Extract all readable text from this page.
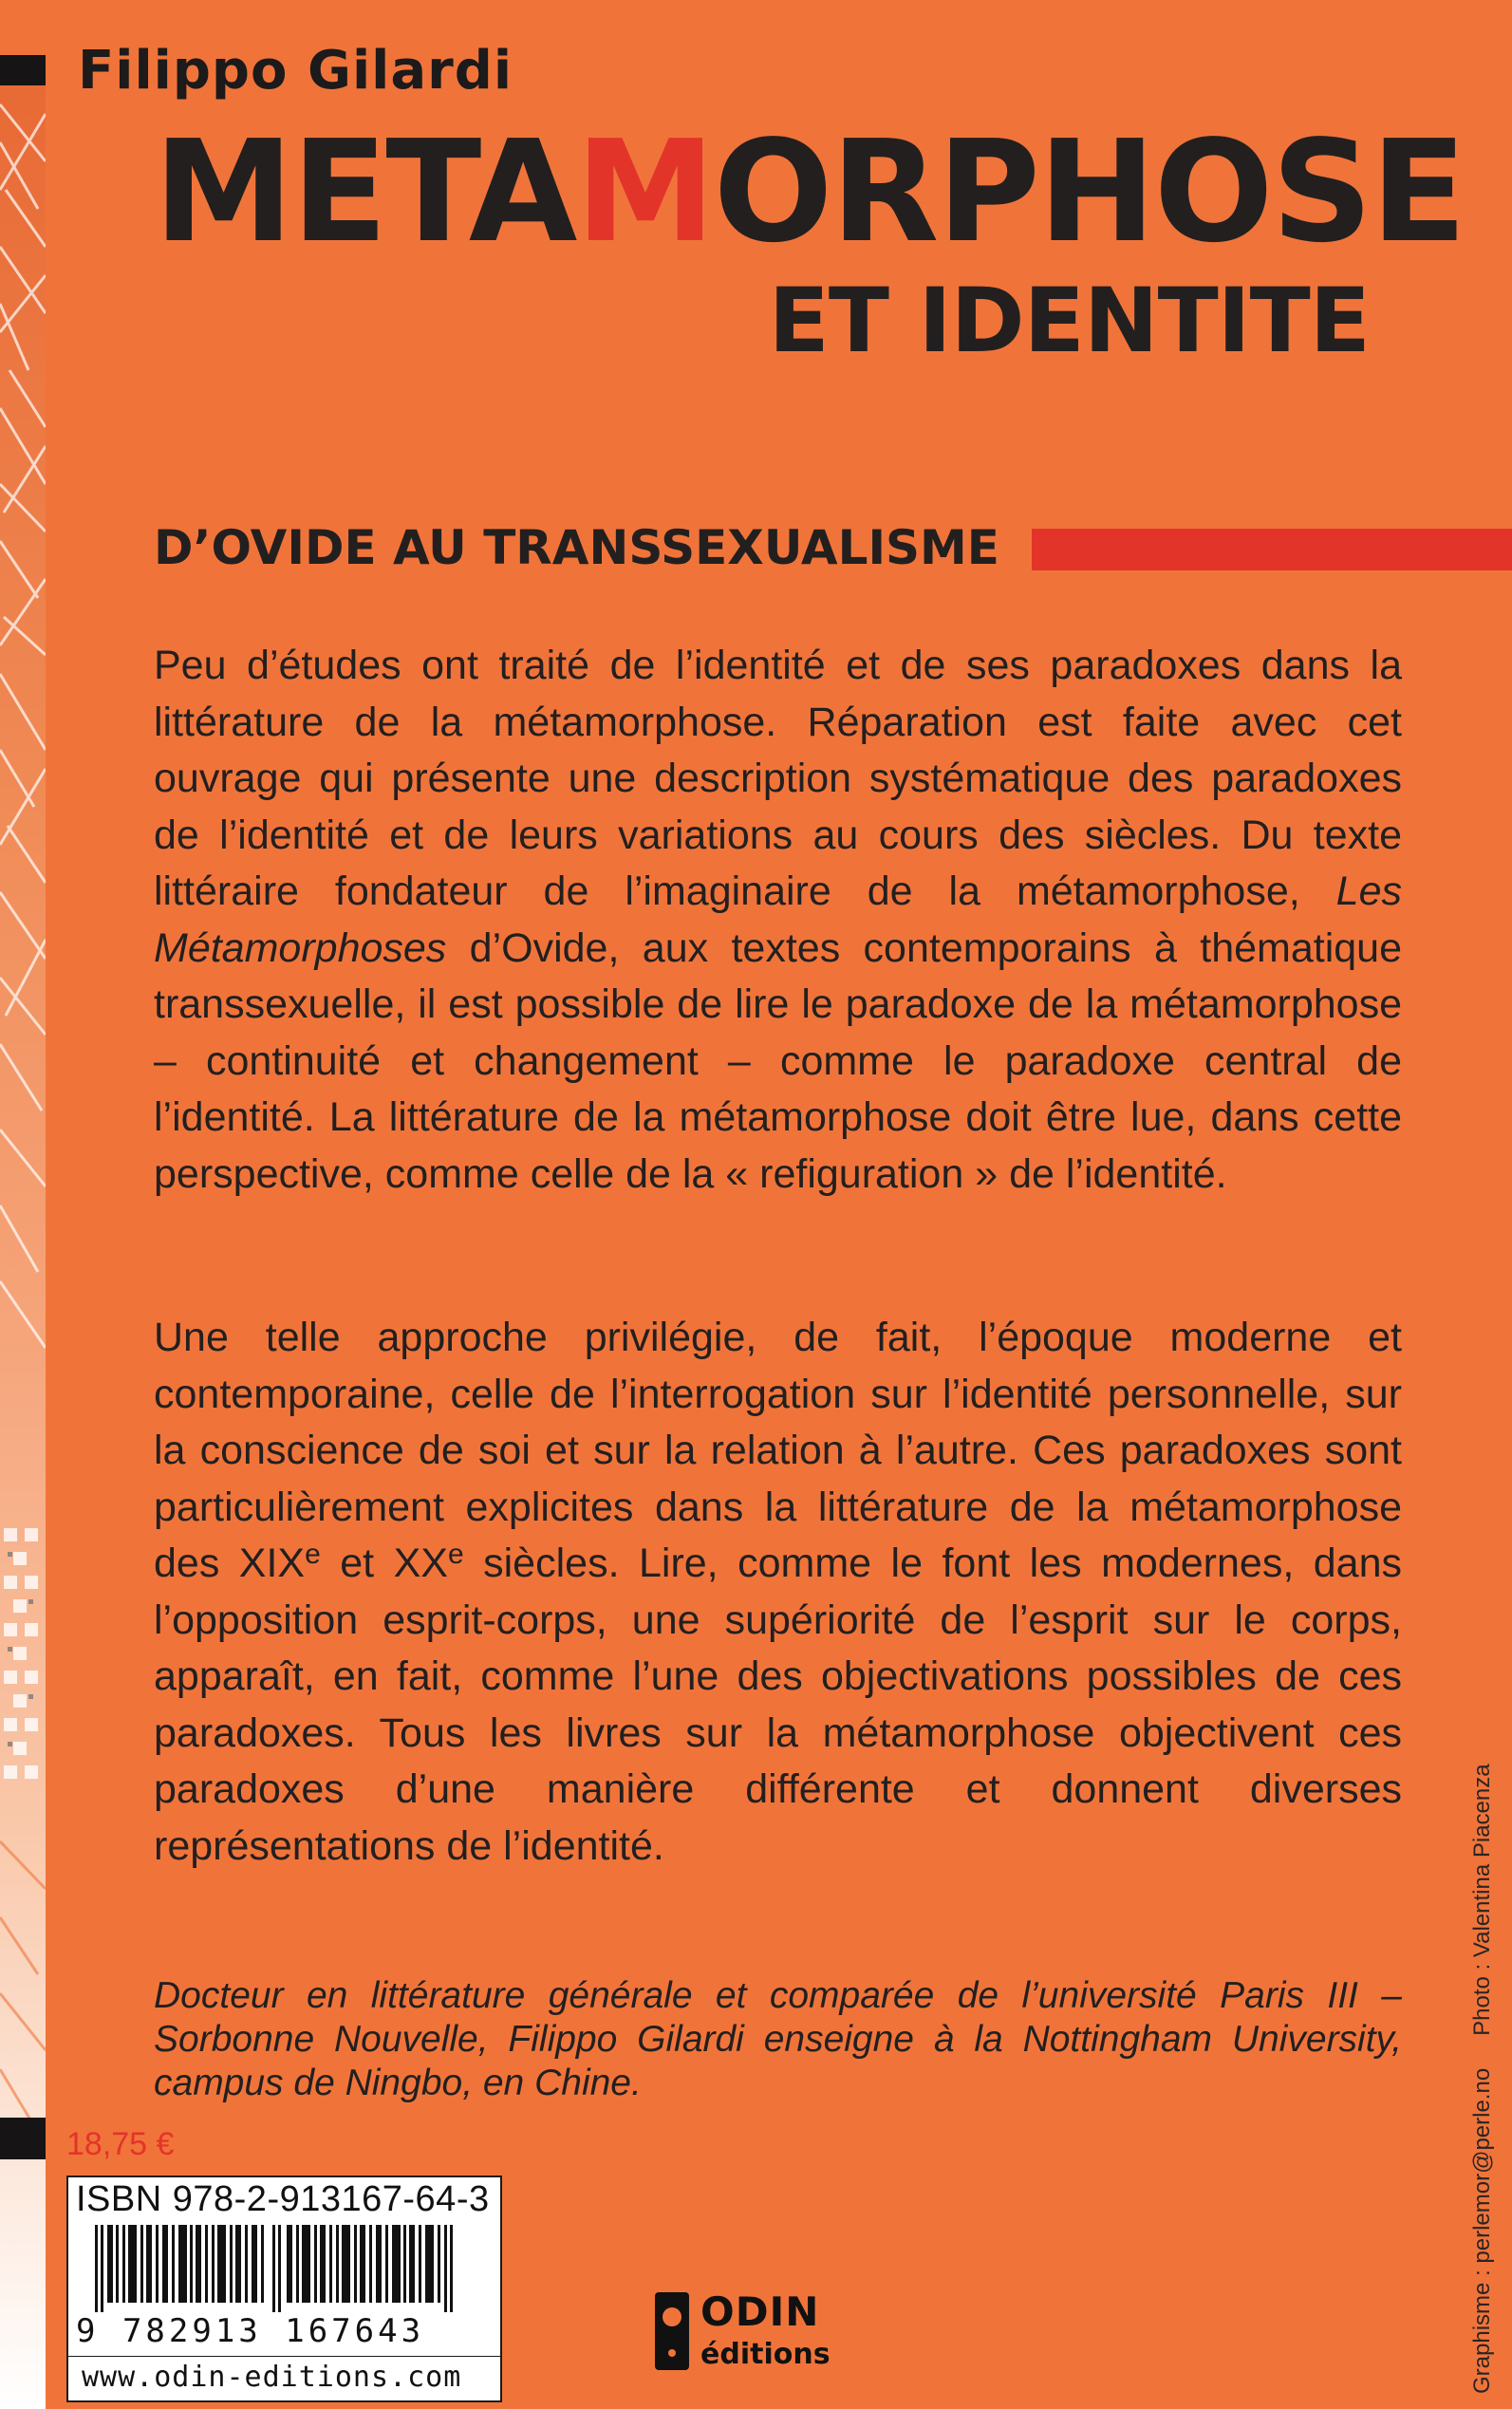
Filippo Gilardi
METAMORPHOSE
ET IDENTITE
D’OVIDE AU TRANSSEXUALISME
Peu d’études ont traité de l’identité et de ses paradoxes dans la littérature de la métamorphose. Réparation est faite avec cet ouvrage qui présente une description systématique des paradoxes de l’identité et de leurs variations au cours des siècles. Du texte littéraire fondateur de l’imaginaire de la métamorphose, Les Métamorphoses d’Ovide, aux textes contemporains à thématique transsexuelle, il est possible de lire le paradoxe de la métamorphose – continuité et changement – comme le paradoxe central de l’identité. La littérature de la métamorphose doit être lue, dans cette perspective, comme celle de la « refiguration » de l’identité.
Une telle approche privilégie, de fait, l’époque moderne et contemporaine, celle de l’interrogation sur l’identité personnelle, sur la conscience de soi et sur la relation à l’autre. Ces paradoxes sont particulièrement explicites dans la littérature de la métamorphose des XIXe et XXe siècles. Lire, comme le font les modernes, dans l’opposition esprit-corps, une supériorité de l’esprit sur le corps, apparaît, en fait, comme l’une des objectivations possibles de ces paradoxes. Tous les livres sur la métamorphose objectivent ces paradoxes d’une manière différente et donnent diverses représentations de l’identité.
Docteur en littérature générale et comparée de l’université Paris III – Sorbonne Nouvelle, Filippo Gilardi enseigne à la Nottingham University, campus de Ningbo, en Chine.
18,75 €
ISBN 978-2-913167-64-3
9 782913 167643
www.odin-editions.com
ODIN
éditions	Graphisme : perlemor@perle.noPhoto : Valentina Piacenza
